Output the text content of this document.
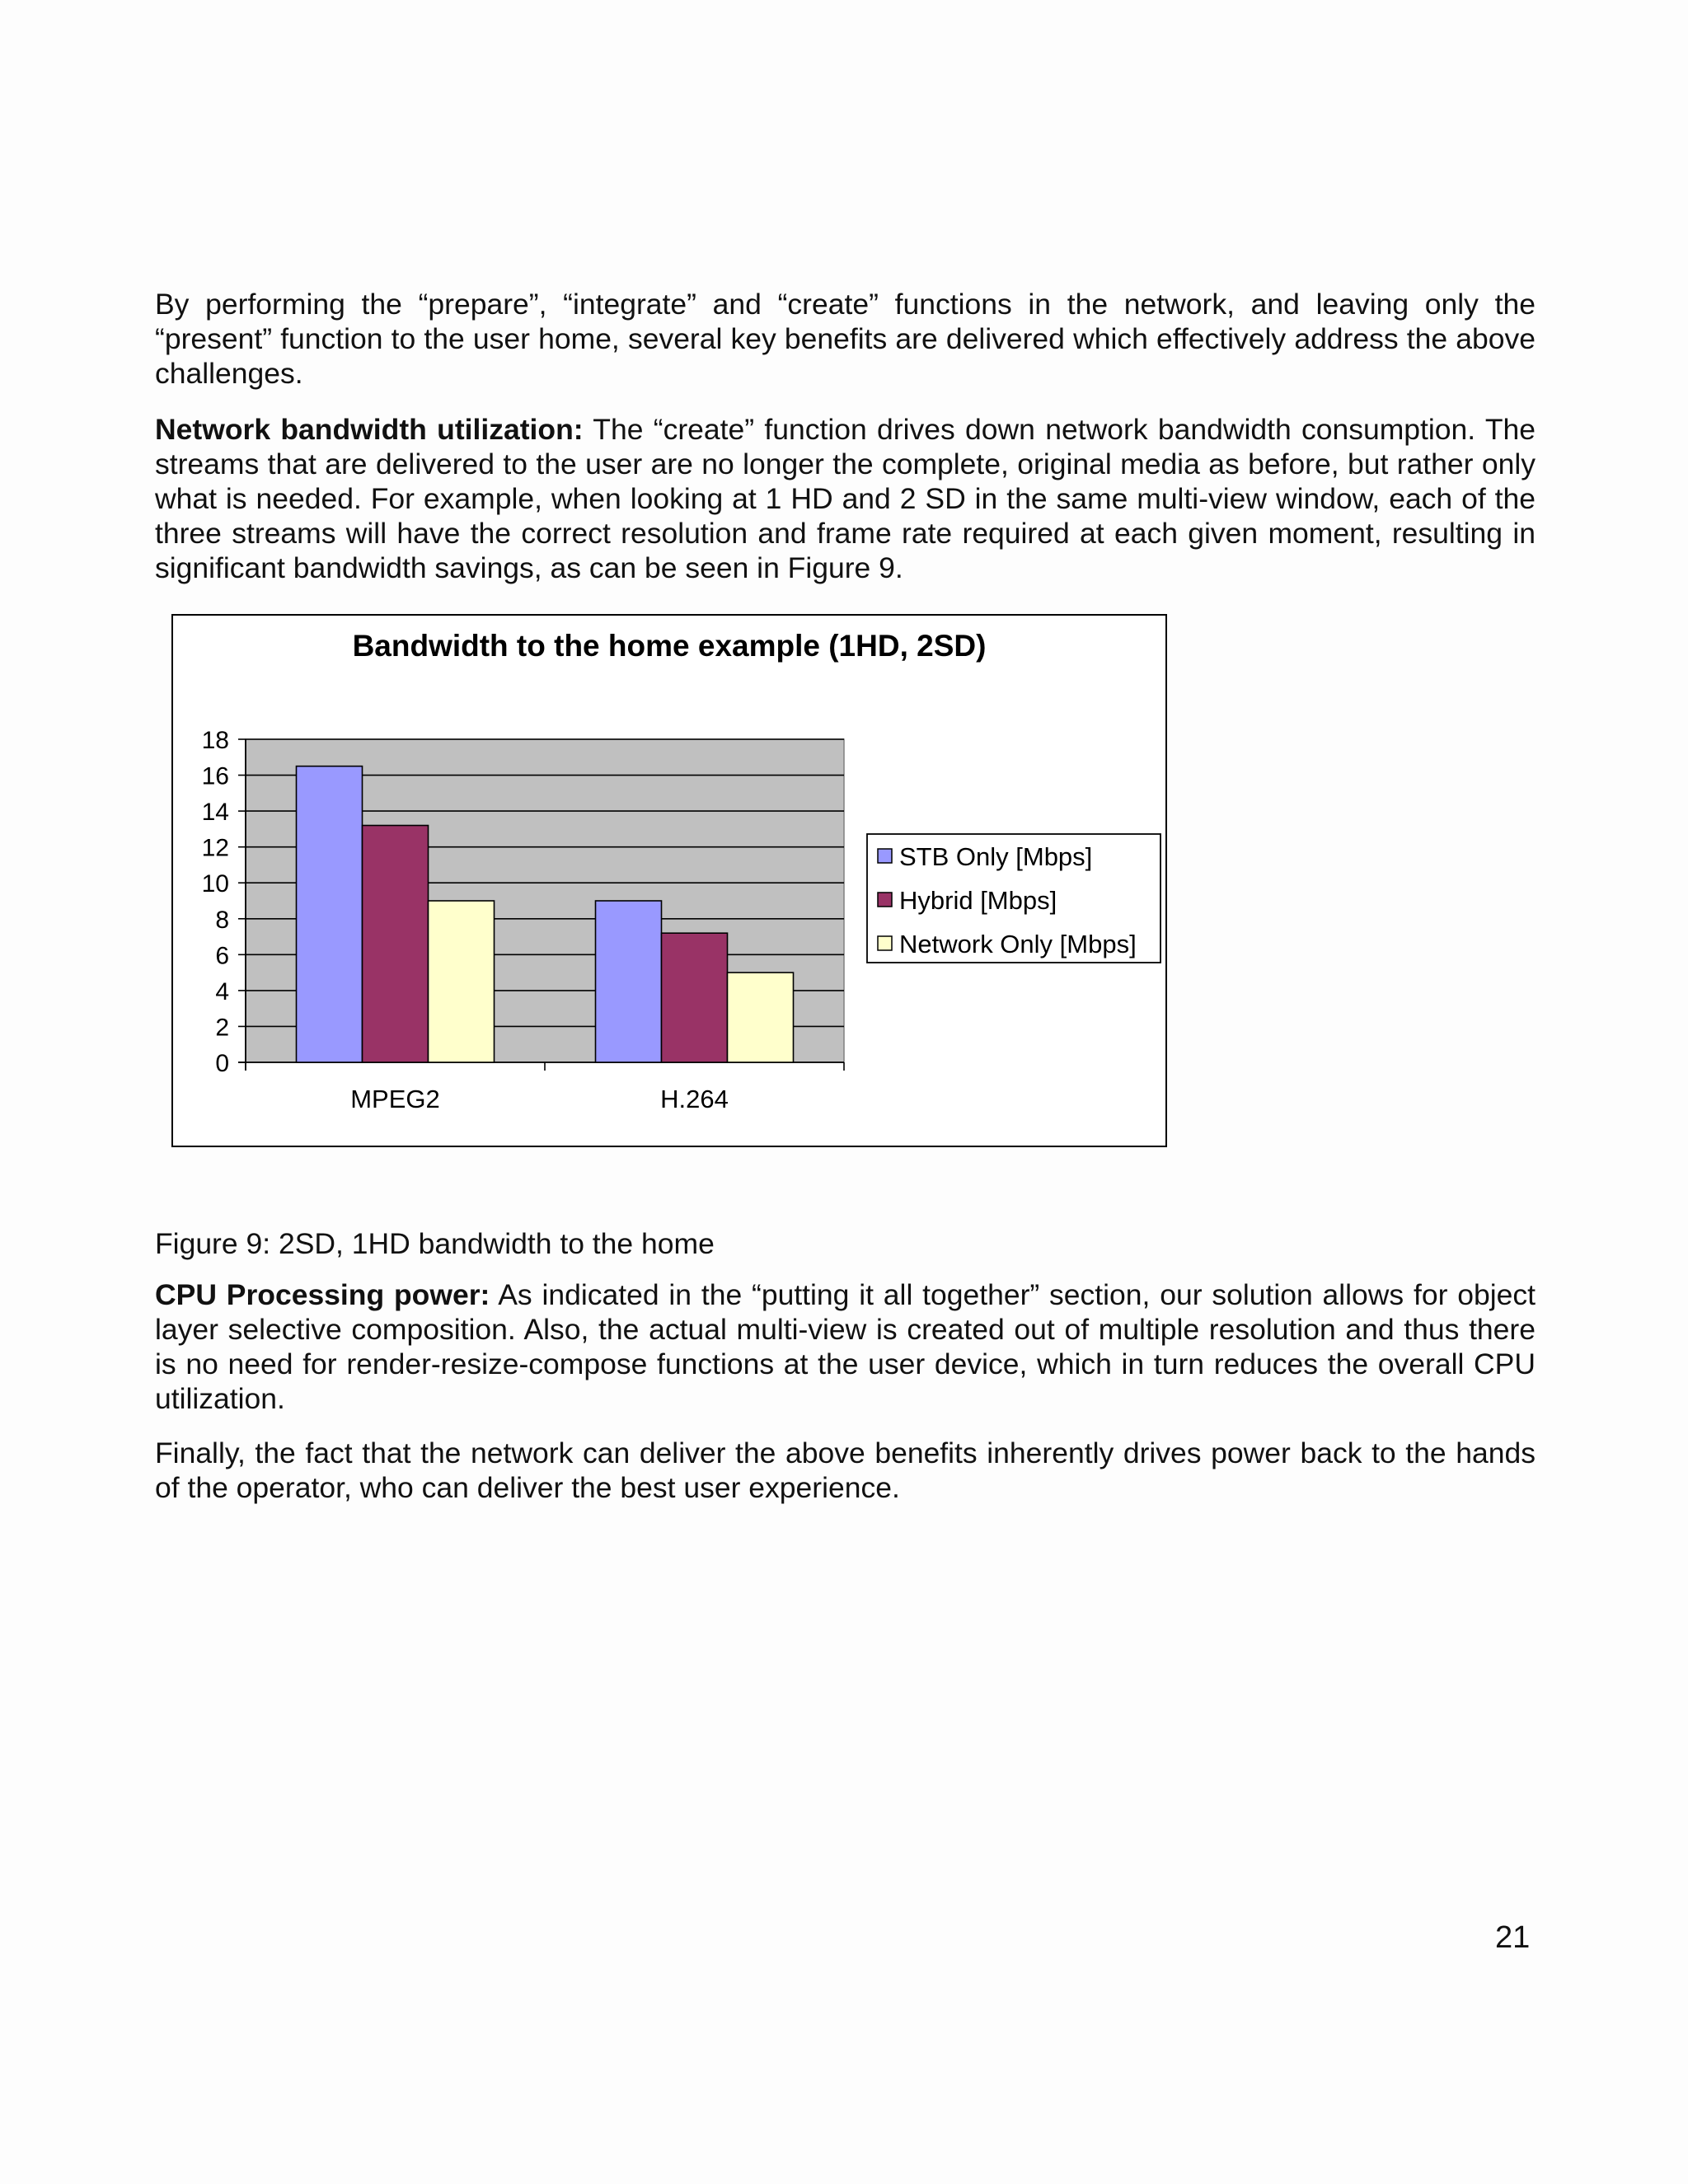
By performing the “prepare”, “integrate” and “create” functions in the network, and leaving only the “present” function to the user home, several key benefits are delivered which effectively address the above challenges.

Network bandwidth utilization: The “create” function drives down network bandwidth consumption. The streams that are delivered to the user are no longer the complete, original media as before, but rather only what is needed. For example, when looking at 1 HD and 2 SD in the same multi-view window, each of the three streams will have the correct resolution and frame rate required at each given moment, resulting in significant bandwidth savings, as can be seen in Figure 9.

Bandwidth to the home example (1HD, 2SD)
0
2
4
6
8
10
12
14
16
18
MPEG2	H.264
STB Only [Mbps]
Hybrid [Mbps]
Network Only [Mbps]

Figure 9: 2SD, 1HD bandwidth to the home

CPU Processing power: As indicated in the “putting it all together” section, our solution allows for object layer selective composition. Also, the actual multi-view is created out of multiple resolution and thus there is no need for render-resize-compose functions at the user device, which in turn reduces the overall CPU utilization.

Finally, the fact that the network can deliver the above benefits inherently drives power back to the hands of the operator, who can deliver the best user experience.

21
